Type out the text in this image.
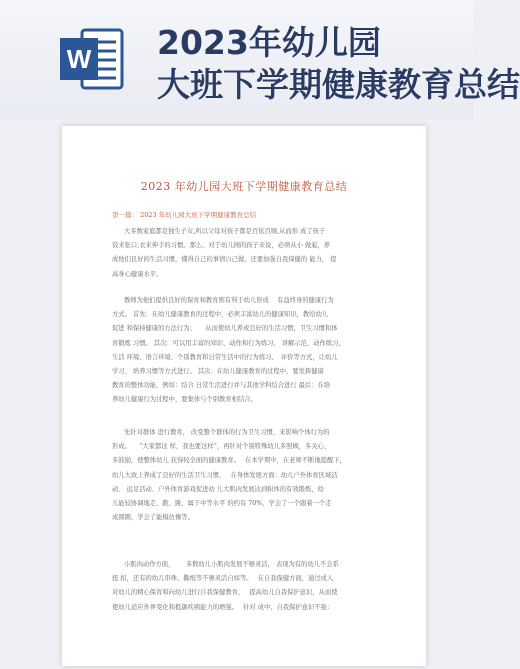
W 2023年幼儿园
大班下学期健康教育总结
2023 年幼儿园大班下学期健康教育总结
第一篇： 2023 年幼儿园大班下学期健康教育总结
大多数家庭都是独生子女,所以父母对孩子都是百依百顺,从而形 成了孩子
饭来张口,衣来伸手的习惯。那么，对于幼儿园的孩子来说，必须从小 做起，养
成他们良好的生活习惯，懂得自己的事情自己做，还要加强自我保健的 能力， 提
高身心健康水平。
教师为他们提供良好的保育和教育则有利于幼儿形成 　有益终身的健康行为
方式。 首先：在幼儿健康教育的过程中，必须丰富幼儿的健康知识，教给幼儿
促进 和保持健康的方法行为；　　从而使幼儿养成良好的生活习惯，卫生习惯和体
育锻炼 习惯。 其次：可以用丰富的知识、动作和行为练习， 讲解示范，动作练习，
生活 环境、语言环境、个别教育和日常生活中的行为练习、　评价等方式，让幼儿
学习、 培养习惯等方式进行。 其次：在幼儿健康教育的过程中，要发挥健康
教育的整体功能，例如：结合 日常生活进行并与其他学科结合进行 最后：在培
养幼儿健康行为过程中，要集体与个别教育相结合。
先针对群体 进行教育， 改变整个群体的行为卫生习惯，来影响个体行为的
形成。 　“大家都这 样，我也要这样”，再针对个别特殊幼儿多照顾，多关心、
多鼓励，使整体幼儿 获得较全面的健康教育。　 在本学期中，在老师不断地提醒下，
幼儿大致上养成了良好的生活卫生习惯，　 在身体发展方面：幼儿户外体育区域活
动、 远足活动、户外体育游戏促进幼 儿大肌肉发展达到积体的有效锻炼，幼
儿能较协调地走、跑、跳，属于中等水平 的约有 70%，学会了一个跟着一个走
成圆圈，学会了能模仿操等。
小肌肉动作方面，　　 多数幼儿小肌肉发展不够灵活， 表现为有的幼儿不会系
扭 扣，还有的幼儿串珠、撕纸等不够灵活自如等。　 在自我保健方面，通过成人
对幼儿的精心保育和向幼儿进行自我保健教育，　 提高幼儿自我保护意识，从而使
使幼儿适应外界变化和抵御疾病能力的增强。　 针对 成中，自我保护意识不强：
